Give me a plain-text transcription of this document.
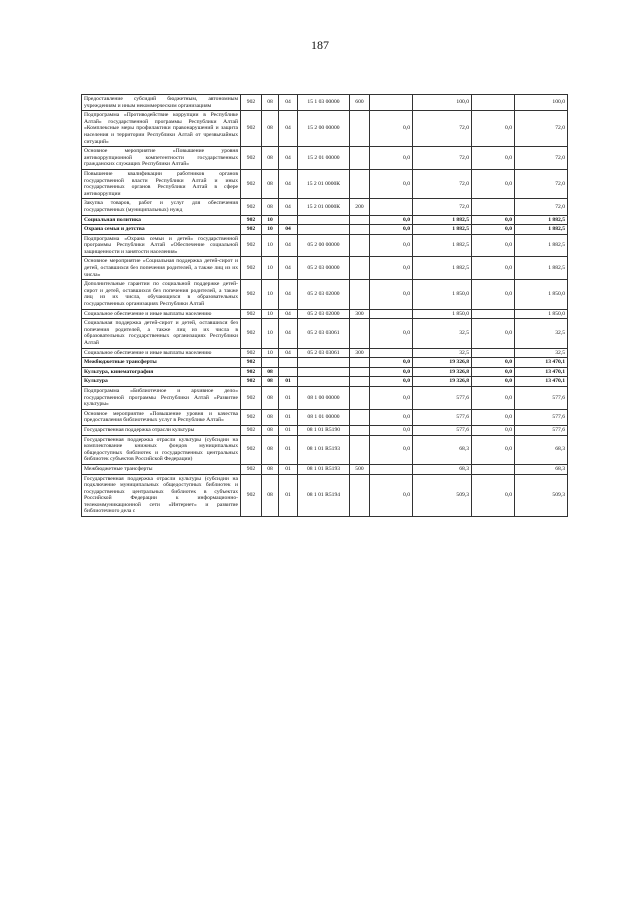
187
Предоставление субсидий бюджетным, автономным учреждениям и иным некоммерческим организациям	902	08	04	15 1 03 00000	600		100,0		100,0
Подпрограмма «Противодействие коррупции в Республике Алтай» государственной программы Республики Алтай «Комплексные меры профилактики правонарушений и защита населения и территории Республики Алтай от чрезвычайных ситуаций»	902	08	04	15 2 00 00000		0,0	72,0	0,0	72,0
Основное мероприятие «Повышение уровня антикоррупционной компетентности государственных гражданских служащих Республики Алтай»	902	08	04	15 2 01 00000		0,0	72,0	0,0	72,0
Повышение квалификации работников органов государственной власти Республики Алтай и иных государственных органов Республики Алтай в сфере антикоррупции	902	08	04	15 2 01 0000К		0,0	72,0	0,0	72,0
Закупка товаров, работ и услуг для обеспечения государственных (муниципальных) нужд	902	08	04	15 2 01 0000К	200		72,0		72,0
Социальная политика	902	10				0,0	1 882,5	0,0	1 882,5
Охрана семьи и детства	902	10	04			0,0	1 882,5	0,0	1 882,5
Подпрограмма «Охрана семьи и детей» государственной программы Республики Алтай «Обеспечение социальной защищенности и занятости населения»	902	10	04	05 2 00 00000		0,0	1 882,5	0,0	1 882,5
Основное мероприятие «Социальная поддержка детей-сирот и детей, оставшихся без попечения родителей, а также лиц из их числа»	902	10	04	05 2 03 00000		0,0	1 882,5	0,0	1 882,5
Дополнительные гарантии по социальной поддержке детей-сирот и детей, оставшихся без попечения родителей, а также лиц из их числа, обучающихся в образовательных государственных организациях Республики Алтай	902	10	04	05 2 03 02000		0,0	1 850,0	0,0	1 850,0
Социальное обеспечение и иные выплаты населению	902	10	04	05 2 03 02000	300		1 850,0		1 850,0
Социальная поддержка детей-сирот и детей, оставшихся без попечения родителей, а также лиц из их числа в образовательных государственных организациях Республики Алтай	902	10	04	05 2 03 03061		0,0	32,5	0,0	32,5
Социальное обеспечение и иные выплаты населению	902	10	04	05 2 03 03061	300		32,5		32,5
Межбюджетные трансферты	902					0,0	19 326,8	0,0	13 470,1
Культура, кинематография	902	08				0,0	19 326,8	0,0	13 470,1
Культура	902	08	01			0,0	19 326,8	0,0	13 470,1
Подпрограмма «Библиотечное и архивное дело» государственной программы Республики Алтай «Развитие культуры»	902	08	01	08 1 00 00000		0,0	577,6	0,0	577,6
Основное мероприятие «Повышение уровня и качества предоставления библиотечных услуг в Республике Алтай»	902	08	01	08 1 01 00000		0,0	577,6	0,0	577,6
Государственная поддержка отрасли культуры	902	08	01	08 1 01 R5190		0,0	577,6	0,0	577,6
Государственная поддержка отрасли культуры (субсидии на комплектование книжных фондов муниципальных общедоступных библиотек и государственных центральных библиотек субъектов Российской Федерации)	902	08	01	08 1 01 R5193		0,0	68,3	0,0	68,3
Межбюджетные трансферты	902	08	01	08 1 01 R5193	500		68,3		68,3
Государственная поддержка отрасли культуры (субсидии на подключение муниципальных общедоступных библиотек и государственных центральных библиотек в субъектах Российской Федерации к информационно-телекоммуникационной сети «Интернет» и развитие библиотечного дела с	902	08	01	08 1 01 R5194		0,0	509,3	0,0	509,3
